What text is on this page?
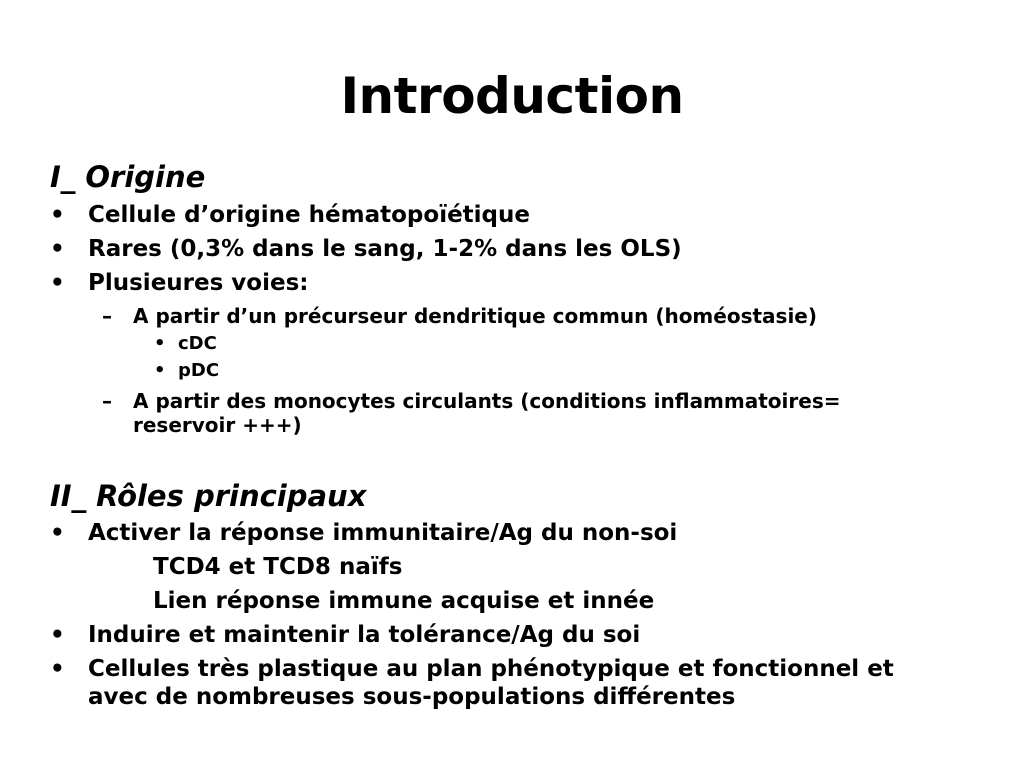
Introduction
I_ Origine
• Cellule d’origine hématopoïétique
• Rares (0,3% dans le sang, 1-2% dans les OLS)
• Plusieures voies:
– A partir d’un précurseur dendritique commun (homéostasie)
• cDC
• pDC
– A partir des monocytes circulants (conditions inflammatoires=
reservoir +++)
II_ Rôles principaux
• Activer la réponse immunitaire/Ag du non-soi
TCD4 et TCD8 naïfs
Lien réponse immune acquise et innée
• Induire et maintenir la tolérance/Ag du soi
• Cellules très plastique au plan phénotypique et fonctionnel et
avec de nombreuses sous-populations différentes
